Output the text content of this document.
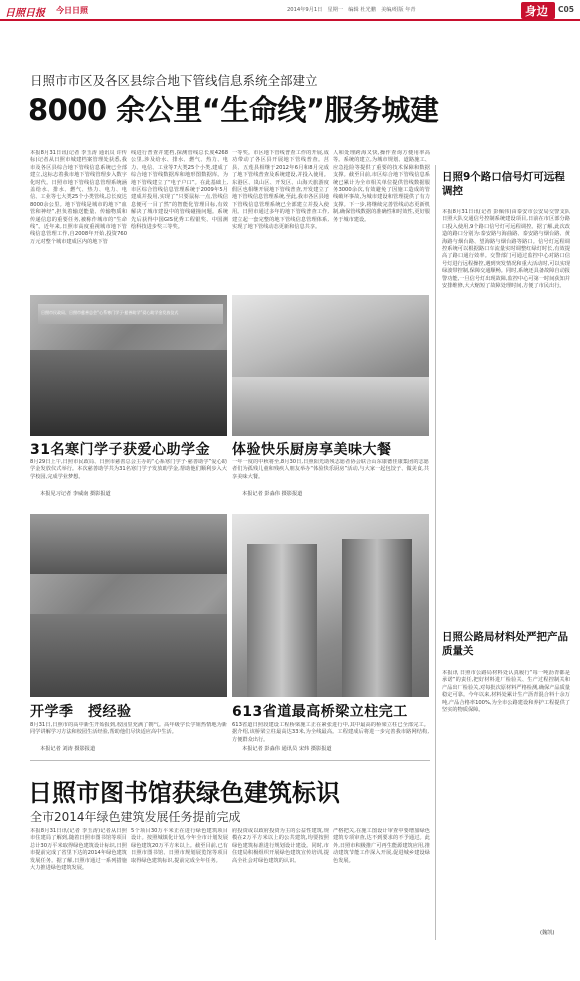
日照日报 今日日照	2014年9月1日　星期一　编辑 杜光鹏　美编/组版 年青	身边 C05
日照市市区及各区县综合地下管线信息系统全部建立
8000 余公里“生命线”服务城建
本报8月31日讯(记者 李玉涛 通讯员 许传标)记者从日照市城建档案管理处获悉,我市及各区县综合地下管线信息系统已全部建立,这标志着我市地下管线管理步入数字化时代。日照市地下管线信息管理系统涵盖给水、排水、燃气、热力、电力、电信、工业等七大类25个小类管线,总长度达8000余公里。地下管线是城市的地下“血管和神经”,担负着输送能量、传输物质和传递信息的重要任务,被称作城市的“生命线”。近年来,日照市高度重视城市地下管线信息管理工作,自2008年开始,投资760万元对整个城市建成区内的地下管
线进行普查并建档,探测管线总长度4268公里,涉及给水、排水、燃气、热力、电力、电信、工业等7大类25个小类,建成了综合地下管线数据库和地形图数据库。为地下管线建立了“电子户口”。在此基础上,市区综合管线信息管理系统于2009年5月建成并投用,实现了“只要鼠标一点,管线信息便可一目了然”的智能化管理目标,有效解决了城市建设中的管线碰撞问题。系统先后获得中国GIS优秀工程银奖、中国测绘科技进步奖三等奖。
一等奖。市区地下管线普查工作的开展,成功带动了各区县开展地下管线普查。莒县、五莲县相继于2012年6月和8月完成了地下管线普查及系统建设,并投入使用。东港区、岚山区、开发区、山海天旅游度假区也相继开展地下管线普查,开发建立了地下管线信息管理系统,至此,我市各区县地下管线信息管理系统已全部建立并投入使用。日照市通过多年的地下管线普查工作,建立起一套完整的地下管线信息管理体系,实现了地下管线动态更新和信息共享。
人和处理跨海又快,操作查询方便用率高等。系统的建立,为城市规划、道路施工、应急抢险等提供了重要的技术保障和数据支撑。截至目前,市区综合地下管线信息系统已累计为全市相关单位提供管线数据服务3000余次,有效避免了因施工造成的管线破坏事故,为城市建设和管理提供了有力支撑。下一步,将继续完善管线动态更新机制,确保管线数据的准确性和时效性,更好服务于城市建设。
日照9个路口信号灯可远程调控
本报8月31日讯(记者 彭佩伟)由泰安市公安局交警支队日照大队交通信号控制系统建设项目,日前在市区部分路口投入使用,9个路口信号灯可远程调控。据了解,此次改造的路口分别为:泰安路与海曲路、泰安路与烟台路、黄海路与烟台路、望海路与烟台路等路口。信号灯远程调控系统可以根据路口车流量实时调整红绿灯时长,有效提高了路口通行效率。交警部门可通过监控中心对路口信号灯进行远程操控,遇到突发情况和重大活动时,可以实现绿波带控制,保障交通顺畅。同时,系统还具备故障自动报警功能,一旦信号灯出现故障,监控中心可第一时间获知并安排维修,大大缩短了故障处理时间,方便了市民出行。
日照公路局材料处严把产品质量关
本报讯 日照市公路局材料处认真履行“每一吨沥青都是承诺”的责任,把好材料进厂检验关、生产过程控制关和产品出厂检验关,对每批次原材料严格检测,确保产品质量稳定可靠。今年以来,材料处累计生产沥青混合料十余万吨,产品合格率100%,为全市公路建设和养护工程提供了坚实的物质保障。
(魏凯)
日照市民政局、日照市慈善总会“心系寒门学子·慈善助学”爱心助学金发放仪式
31名寒门学子获爱心助学金
8月29日上午,日照市民政局、日照市慈善总会主办的“心系寒门学子·慈善助学”爱心助学金发放仪式举行。本次慈善助学共为31名寒门学子发放助学金,帮助他们顺利步入大学校园,完成学业梦想。
本报见习记者 李威南 摄影报道
体验快乐厨房享美味大餐
一年一度的中秋将至,8月30日,日照阳光助残志愿者协会联合山东康德佳康集团的志愿者们为孤残儿童和残疾人朋友举办“体验快乐厨房”活动,与大家一起包饺子、做美食,共享美味大餐。
本报记者 彭淼伟 摄影报道
开学季　授经验
8月31日,日照市的高中新生开始报到,校园里充满了朝气。高年级学长学姐热情地为新同学讲解学习方法和校园生活经验,帮助他们尽快适应高中生活。
本报记者 刘涛 摄影报道
613省道最高桥梁立柱完工
613省道日照段建设工程桥梁施工正在紧张进行中,其中最高的桥梁立柱已全部完工。据介绍,该桥梁立柱最高达33米,为全线最高。工程建成后将进一步完善我市路网结构,方便群众出行。
本报记者 彭淼伟 通讯员 宋炜 摄影报道
日照市图书馆获绿色建筑标识
全市2014年绿色建筑发展任务提前完成
本报8月31日讯(记者 李玉涛)记者从日照市住建局了解到,随着日照市图书馆等项目总计30万平米取得绿色建筑设计标识,日照市提前完成了省里下达的2014年绿色建筑发展任务。据了解,日照市通过一系列措施大力推进绿色建筑发展。
5个项目30万平米正在进行绿色建筑项目设计。按照城镇化计划,今年全市计划发展绿色建筑20万平方米以上。截至目前,已有日照市图书馆、日照市规划展览馆等项目取得绿色建筑标识,提前完成全年任务。
府投资或以政府投资为主的公益性建筑,规模在2万平方米以上的公共建筑,均要按照绿色建筑标准进行规划设计建设。同时,市住建局积极组织开展绿色建筑宣传培训,提高全社会对绿色建筑的认识。
严格把关,在施工图设计审查中要增加绿色建筑专项审查,达不到要求的不予通过。此外,日照市积极推广可再生能源建筑应用,推动建筑节能工作深入开展,促进城乡建设绿色发展。
